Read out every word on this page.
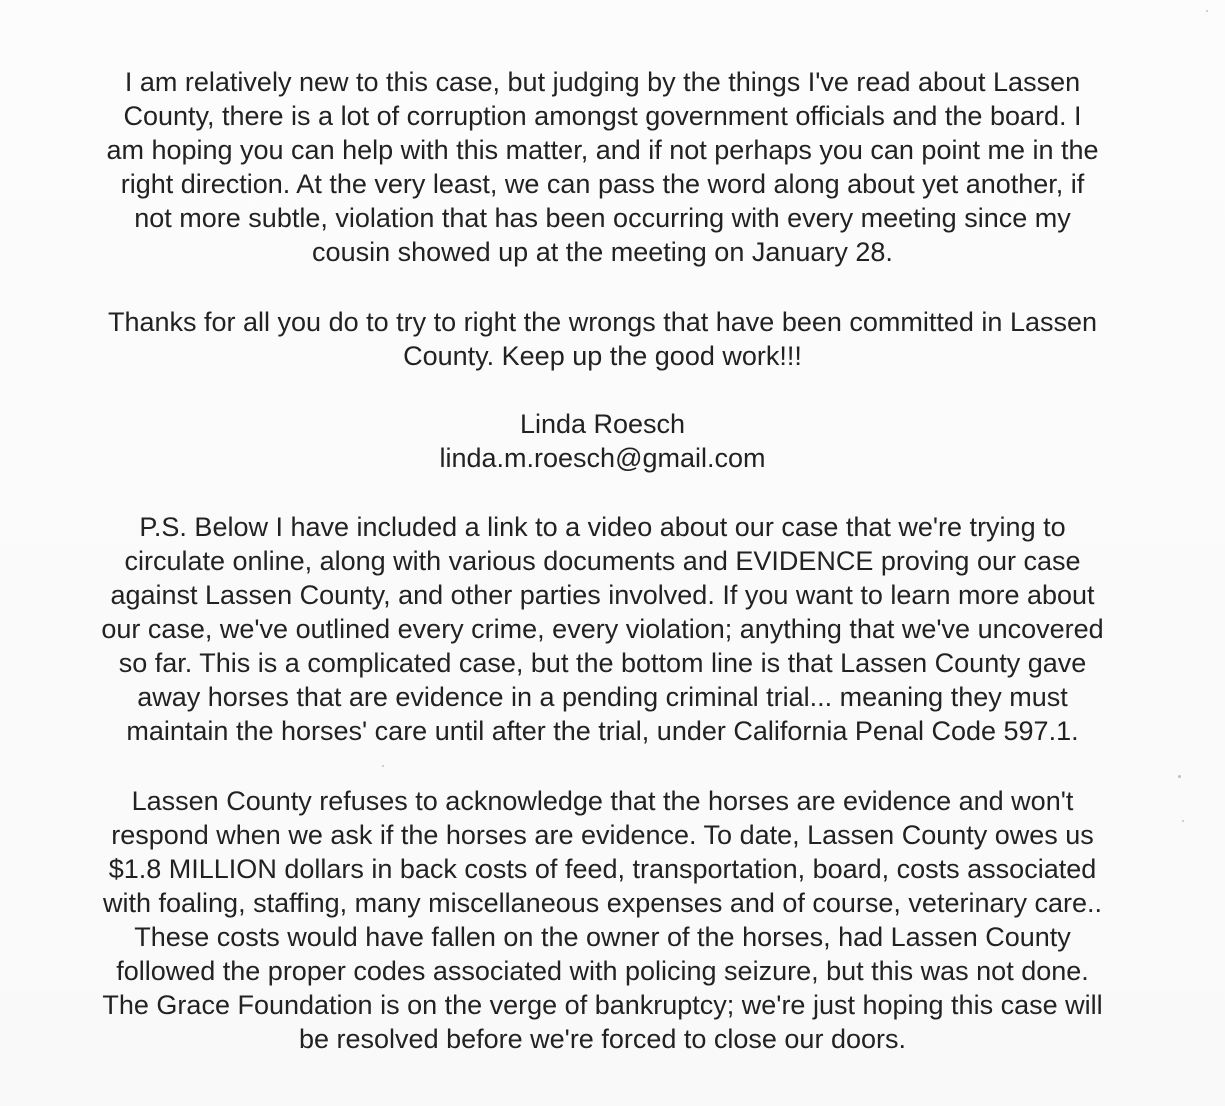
I am relatively new to this case, but judging by the things I've read about Lassen
County, there is a lot of corruption amongst government officials and the board. I
am hoping you can help with this matter, and if not perhaps you can point me in the
right direction. At the very least, we can pass the word along about yet another, if
not more subtle, violation that has been occurring with every meeting since my
cousin showed up at the meeting on January 28.

Thanks for all you do to try to right the wrongs that have been committed in Lassen
County. Keep up the good work!!!

Linda Roesch
linda.m.roesch@gmail.com

P.S. Below I have included a link to a video about our case that we're trying to
circulate online, along with various documents and EVIDENCE proving our case
against Lassen County, and other parties involved. If you want to learn more about
our case, we've outlined every crime, every violation; anything that we've uncovered
so far. This is a complicated case, but the bottom line is that Lassen County gave
away horses that are evidence in a pending criminal trial... meaning they must
maintain the horses' care until after the trial, under California Penal Code 597.1.

Lassen County refuses to acknowledge that the horses are evidence and won't
respond when we ask if the horses are evidence. To date, Lassen County owes us
$1.8 MILLION dollars in back costs of feed, transportation, board, costs associated
with foaling, staffing, many miscellaneous expenses and of course, veterinary care..
These costs would have fallen on the owner of the horses, had Lassen County
followed the proper codes associated with policing seizure, but this was not done.
The Grace Foundation is on the verge of bankruptcy; we're just hoping this case will
be resolved before we're forced to close our doors.
